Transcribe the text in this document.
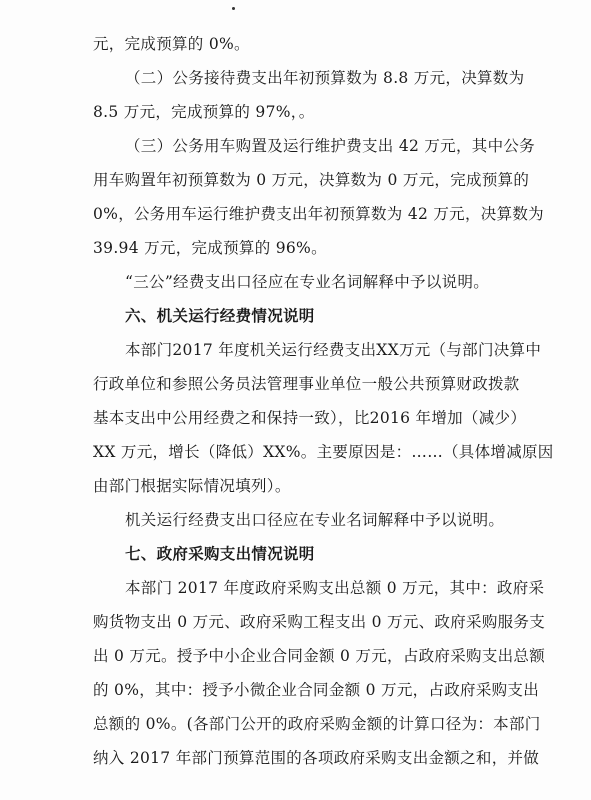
元，完成预算的 0%。
（二）公务接待费支出年初预算数为 8.8 万元，决算数为
8.5 万元，完成预算的 97%，。
（三）公务用车购置及运行维护费支出 42 万元，其中公务
用车购置年初预算数为 0 万元，决算数为 0 万元，完成预算的
0%，公务用车运行维护费支出年初预算数为 42 万元，决算数为
39.94 万元，完成预算的 96%。
“三公”经费支出口径应在专业名词解释中予以说明。
六、机关运行经费情况说明
本部门2017 年度机关运行经费支出XX万元（与部门决算中
行政单位和参照公务员法管理事业单位一般公共预算财政拨款
基本支出中公用经费之和保持一致），比2016 年增加（减少）
XX 万元，增长（降低）XX%。主要原因是：……（具体增减原因
由部门根据实际情况填列）。
机关运行经费支出口径应在专业名词解释中予以说明。
七、政府采购支出情况说明
本部门 2017 年度政府采购支出总额 0 万元，其中：政府采
购货物支出 0 万元、政府采购工程支出 0 万元、政府采购服务支
出 0 万元。授予中小企业合同金额 0 万元，占政府采购支出总额
的 0%，其中：授予小微企业合同金额 0 万元，占政府采购支出
总额的 0%。(各部门公开的政府采购金额的计算口径为：本部门
纳入 2017 年部门预算范围的各项政府采购支出金额之和，并做
